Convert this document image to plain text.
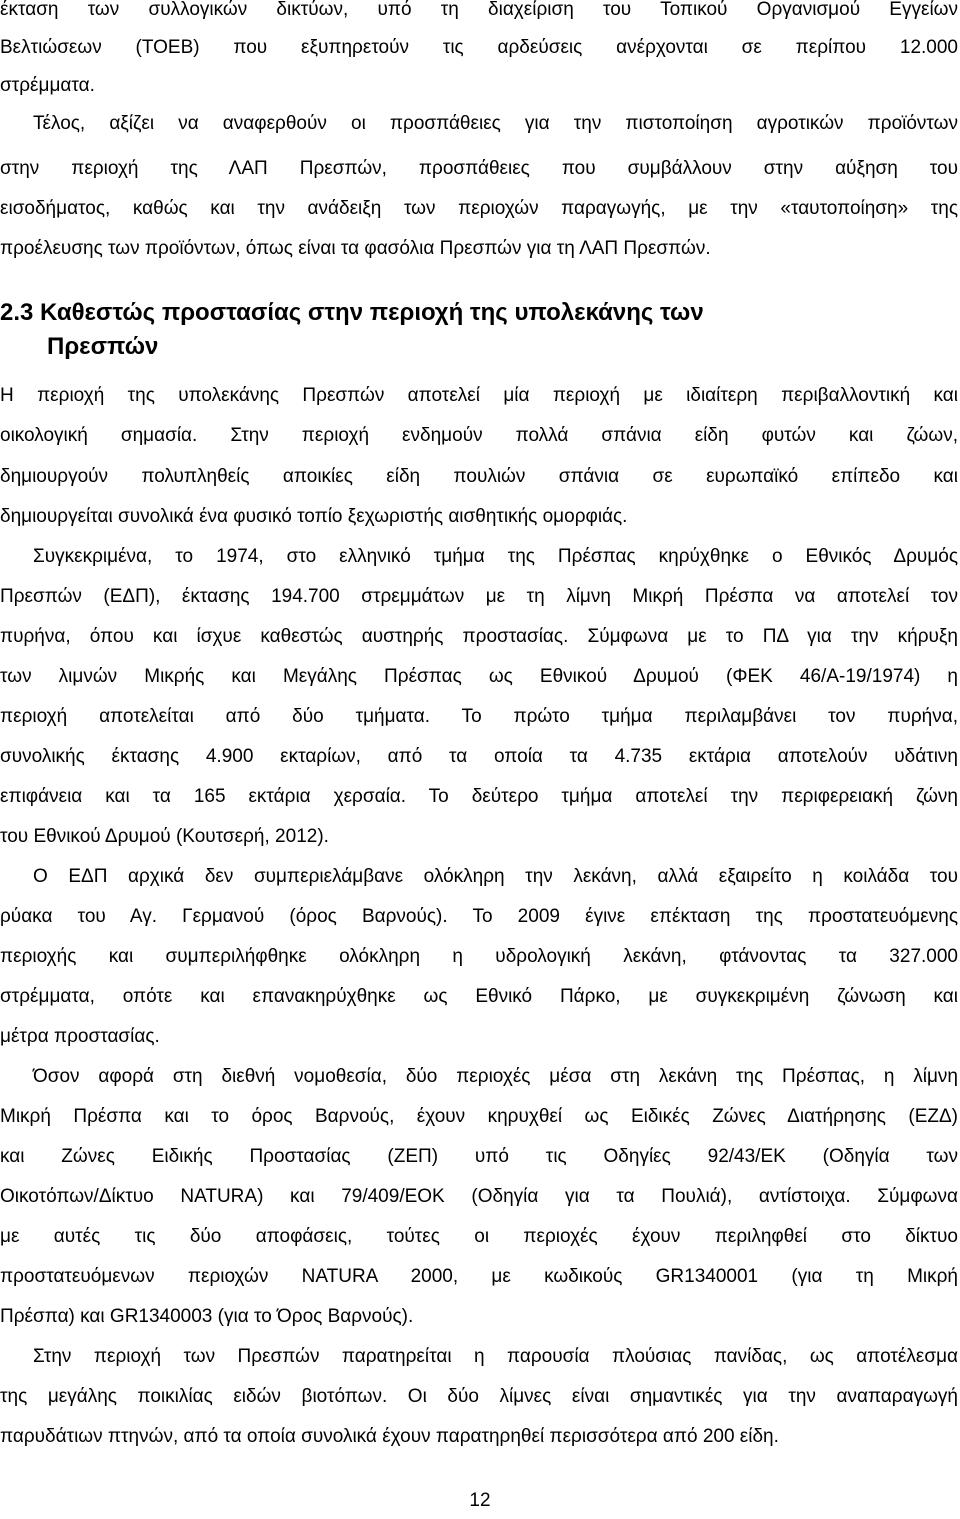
έκταση των συλλογικών δικτύων, υπό τη διαχείριση του Τοπικού Οργανισμού Εγγείων
Βελτιώσεων (ΤΟΕΒ) που εξυπηρετούν τις αρδεύσεις ανέρχονται σε περίπου 12.000
στρέμματα.
Τέλος, αξίζει να αναφερθούν οι προσπάθειες για την πιστοποίηση αγροτικών προϊόντων
στην περιοχή της ΛΑΠ Πρεσπών, προσπάθειες που συμβάλλουν στην αύξηση του
εισοδήματος, καθώς και την ανάδειξη των περιοχών παραγωγής, με την «ταυτοποίηση» της
προέλευσης των προϊόντων, όπως είναι τα φασόλια Πρεσπών για τη ΛΑΠ Πρεσπών.
2.3 Καθεστώς προστασίας στην περιοχή της υπολεκάνης των
Πρεσπών
Η περιοχή της υπολεκάνης Πρεσπών αποτελεί μία περιοχή με ιδιαίτερη περιβαλλοντική και
οικολογική σημασία. Στην περιοχή ενδημούν πολλά σπάνια είδη φυτών και ζώων,
δημιουργούν πολυπληθείς αποικίες είδη πουλιών σπάνια σε ευρωπαϊκό επίπεδο και
δημιουργείται συνολικά ένα φυσικό τοπίο ξεχωριστής αισθητικής ομορφιάς.
Συγκεκριμένα, το 1974, στο ελληνικό τμήμα της Πρέσπας κηρύχθηκε ο Εθνικός Δρυμός
Πρεσπών (ΕΔΠ), έκτασης 194.700 στρεμμάτων με τη λίμνη Μικρή Πρέσπα να αποτελεί τον
πυρήνα, όπου και ίσχυε καθεστώς αυστηρής προστασίας. Σύμφωνα με το ΠΔ για την κήρυξη
των λιμνών Μικρής και Μεγάλης Πρέσπας ως Εθνικού Δρυμού (ΦΕΚ 46/Α-19/1974) η
περιοχή αποτελείται από δύο τμήματα. Το πρώτο τμήμα περιλαμβάνει τον πυρήνα,
συνολικής έκτασης 4.900 εκταρίων, από τα οποία τα 4.735 εκτάρια αποτελούν υδάτινη
επιφάνεια και τα 165 εκτάρια χερσαία. Το δεύτερο τμήμα αποτελεί την περιφερειακή ζώνη
του Εθνικού Δρυμού (Κουτσερή, 2012).
Ο ΕΔΠ αρχικά δεν συμπεριελάμβανε ολόκληρη την λεκάνη, αλλά εξαιρείτο η κοιλάδα του
ρύακα του Αγ. Γερμανού (όρος Βαρνούς). Το 2009 έγινε επέκταση της προστατευόμενης
περιοχής και συμπεριλήφθηκε ολόκληρη η υδρολογική λεκάνη, φτάνοντας τα 327.000
στρέμματα, οπότε και επανακηρύχθηκε ως Εθνικό Πάρκο, με συγκεκριμένη ζώνωση και
μέτρα προστασίας.
Όσον αφορά στη διεθνή νομοθεσία, δύο περιοχές μέσα στη λεκάνη της Πρέσπας, η λίμνη
Μικρή Πρέσπα και το όρος Βαρνούς, έχουν κηρυχθεί ως Ειδικές Ζώνες Διατήρησης (ΕΖΔ)
και Ζώνες Ειδικής Προστασίας (ΖΕΠ) υπό τις Οδηγίες 92/43/ΕΚ (Οδηγία των
Οικοτόπων/Δίκτυο NATURA) και 79/409/ΕΟΚ (Οδηγία για τα Πουλιά), αντίστοιχα. Σύμφωνα
με αυτές τις δύο αποφάσεις, τούτες οι περιοχές έχουν περιληφθεί στο δίκτυο
προστατευόμενων περιοχών NATURA 2000, με κωδικούς GR1340001 (για τη Μικρή
Πρέσπα) και GR1340003 (για το Όρος Βαρνούς).
Στην περιοχή των Πρεσπών παρατηρείται η παρουσία πλούσιας πανίδας, ως αποτέλεσμα
της μεγάλης ποικιλίας ειδών βιοτόπων. Οι δύο λίμνες είναι σημαντικές για την αναπαραγωγή
παρυδάτιων πτηνών, από τα οποία συνολικά έχουν παρατηρηθεί περισσότερα από 200 είδη.
12
